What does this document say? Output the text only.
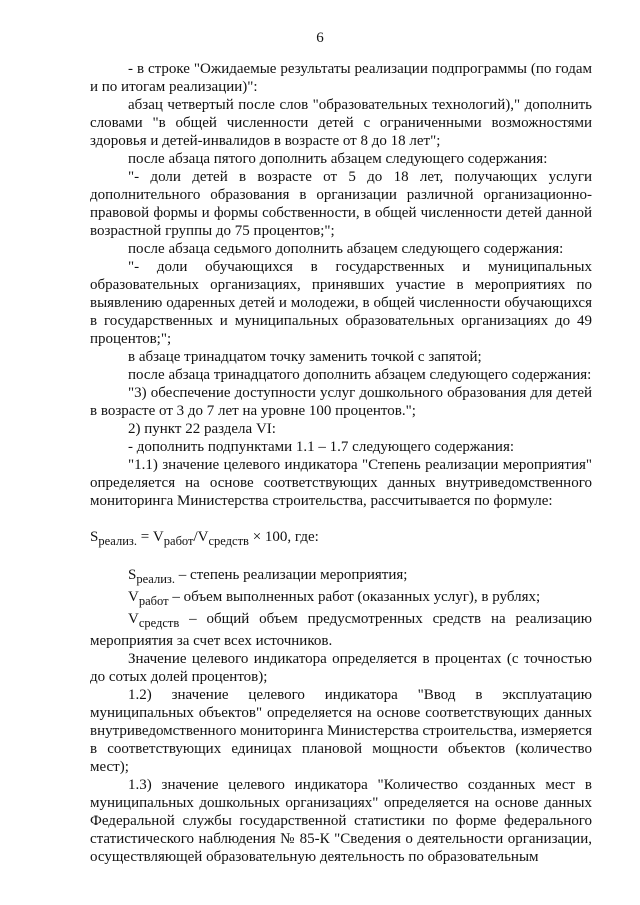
6

- в строке "Ожидаемые результаты реализации подпрограммы (по годам и по итогам реализации)":

абзац четвертый после слов "образовательных технологий)," дополнить словами "в общей численности детей с ограниченными возможностями здоровья и детей-инвалидов в возрасте от 8 до 18 лет";

после абзаца пятого дополнить абзацем следующего содержания:

"- доли детей в возрасте от 5 до 18 лет, получающих услуги дополнительного образования в организации различной организационно-правовой формы и формы собственности, в общей численности детей данной возрастной группы до 75 процентов;";

после абзаца седьмого дополнить абзацем следующего содержания:

"- доли обучающихся в государственных и муниципальных образовательных организациях, принявших участие в мероприятиях по выявлению одаренных детей и молодежи, в общей численности обучающихся в государственных и муниципальных образовательных организациях до 49 процентов;";

в абзаце тринадцатом точку заменить точкой с запятой;

после абзаца тринадцатого дополнить абзацем следующего содержания:

"3) обеспечение доступности услуг дошкольного образования для детей в возрасте от 3 до 7 лет на уровне 100 процентов.";

2) пункт 22 раздела VI:

- дополнить подпунктами 1.1 – 1.7 следующего содержания:

"1.1) значение целевого индикатора "Степень реализации мероприятия" определяется на основе соответствующих данных внутриведомственного мониторинга Министерства строительства, рассчитывается по формуле:

$S_{реализ.} = V_{работ}/V_{средств} \times 100$, где:

$S_{реализ.}$ – степень реализации мероприятия;

$V_{работ}$ – объем выполненных работ (оказанных услуг), в рублях;

$V_{средств}$ – общий объем предусмотренных средств на реализацию мероприятия за счет всех источников.

Значение целевого индикатора определяется в процентах (с точностью до сотых долей процентов);

1.2) значение целевого индикатора "Ввод в эксплуатацию муниципальных объектов" определяется на основе соответствующих данных внутриведомственного мониторинга Министерства строительства, измеряется в соответствующих единицах плановой мощности объектов (количество мест);

1.3) значение целевого индикатора "Количество созданных мест в муниципальных дошкольных организациях" определяется на основе данных Федеральной службы государственной статистики по форме федерального статистического наблюдения № 85-К "Сведения о деятельности организации, осуществляющей образовательную деятельность по образовательным
